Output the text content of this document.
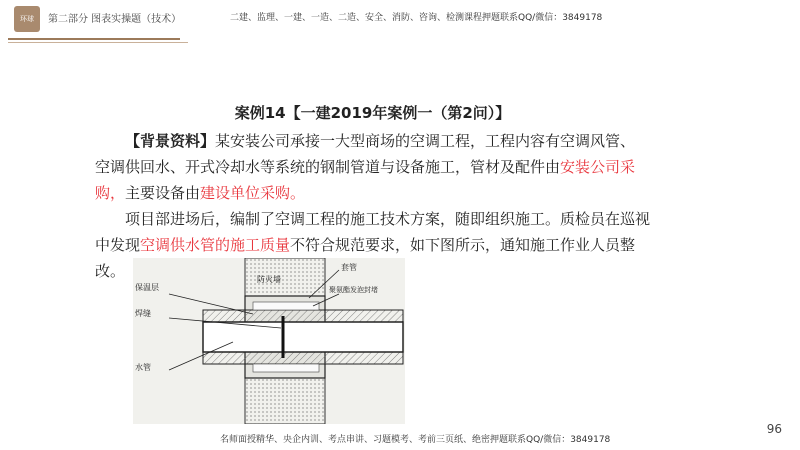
环球	第二部分 图表实操题（技术）	二建、监理、一建、一造、二造、安全、消防、咨询、检测课程押题联系QQ/微信：3849178
案例14【一建2019年案例一（第2问）】

【背景资料】某安装公司承接一大型商场的空调工程，工程内容有空调风管、空调供回水、开式冷却水等系统的钢制管道与设备施工，管材及配件由安装公司采购，主要设备由建设单位采购。

项目部进场后，编制了空调工程的施工技术方案，随即组织施工。质检员在巡视中发现空调供水管的施工质量不符合规范要求，如下图所示，通知施工作业人员整改。

保温层
焊缝
水管
防火墙
套管
聚氨酯发泡封堵
96
名师面授精华、央企内训、考点串讲、习题模考、考前三页纸、绝密押题联系QQ/微信：3849178
